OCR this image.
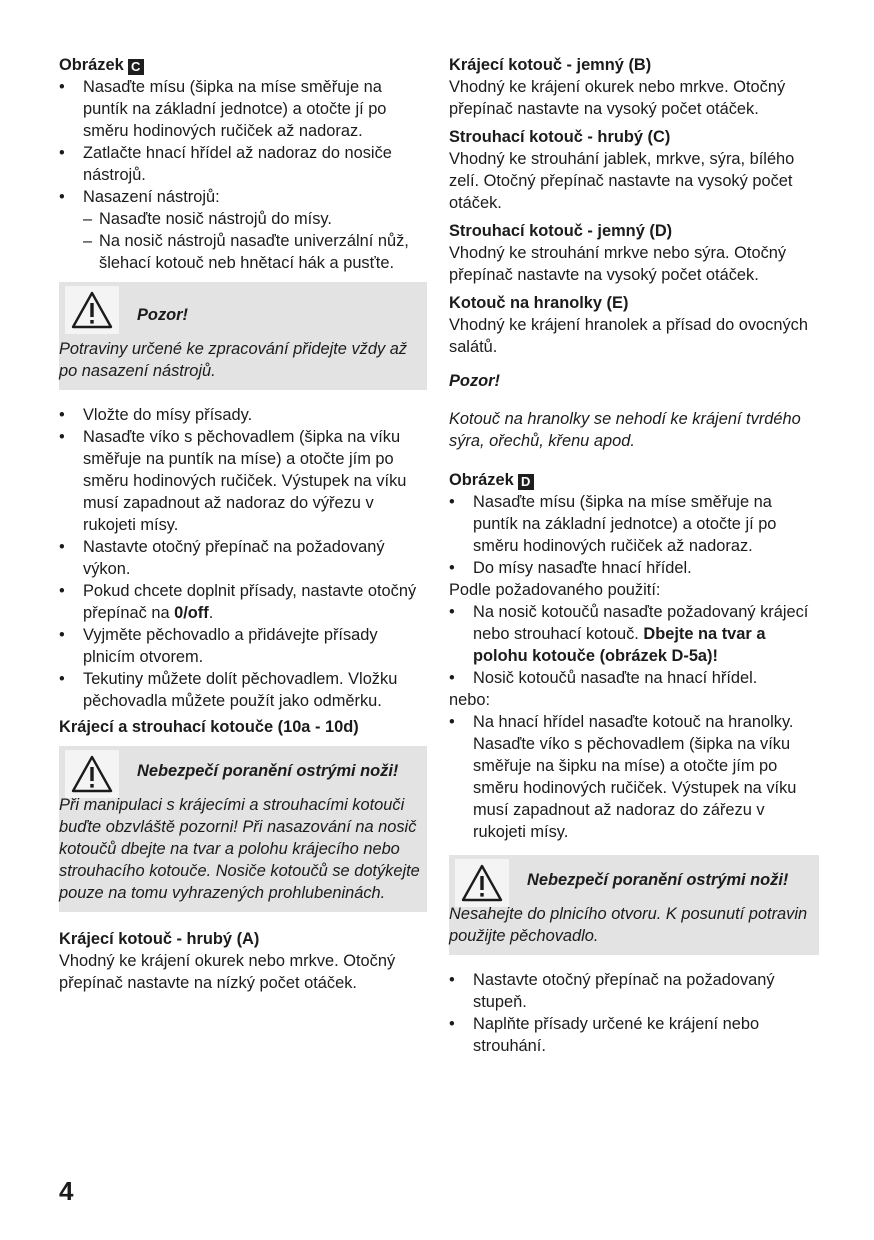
Obrázek C

• Nasaďte mísu (šipka na míse směřuje na puntík na základní jednotce) a otočte jí po směru hodinových ručiček až nadoraz.
• Zatlačte hnací hřídel až nadoraz do nosiče nástrojů.
• Nasazení nástrojů:
– Nasaďte nosič nástrojů do mísy.
– Na nosič nástrojů nasaďte univerzální nůž, šlehací kotouč neb hnětací hák a pusťte.
Pozor!

Potraviny určené ke zpracování přidejte vždy až po nasazení nástrojů.

• Vložte do mísy přísady.
• Nasaďte víko s pěchovadlem (šipka na víku směřuje na puntík na míse) a otočte jím po směru hodinových ručiček. Výstupek na víku musí zapadnout až nadoraz do výřezu v rukojeti mísy.
• Nastavte otočný přepínač na požadovaný výkon.
• Pokud chcete doplnit přísady, nastavte otočný přepínač na 0/off.
• Vyjměte pěchovadlo a přidávejte přísady plnicím otvorem.
• Tekutiny můžete dolít pěchovadlem. Vložku pěchovadla můžete použít jako odměrku.

Krájecí a strouhací kotouče (10a - 10d)

Nebezpečí poranění ostrými noži!

Při manipulaci s krájecími a strouhacími kotouči buďte obzvláště pozorni! Při nasazování na nosič kotoučů dbejte na tvar a polohu krájecího nebo strouhacího kotouče. Nosiče kotoučů se dotýkejte pouze na tomu vyhrazených prohlubeninách.

Krájecí kotouč - hrubý (A)

Vhodný ke krájení okurek nebo mrkve. Otočný přepínač nastavte na nízký počet otáček.

Krájecí kotouč - jemný (B)

Vhodný ke krájení okurek nebo mrkve. Otočný přepínač nastavte na vysoký počet otáček.

Strouhací kotouč - hrubý (C)

Vhodný ke strouhání jablek, mrkve, sýra, bílého zelí. Otočný přepínač nastavte na vysoký počet otáček.

Strouhací kotouč - jemný (D)

Vhodný ke strouhání mrkve nebo sýra. Otočný přepínač nastavte na vysoký počet otáček.

Kotouč na hranolky (E)

Vhodný ke krájení hranolek a přísad do ovocných salátů.

Pozor!

Kotouč na hranolky se nehodí ke krájení tvrdého sýra, ořechů, křenu apod.

Obrázek D

• Nasaďte mísu (šipka na míse směřuje na puntík na základní jednotce) a otočte jí po směru hodinových ručiček až nadoraz.
• Do mísy nasaďte hnací hřídel.

Podle požadovaného použití:

• Na nosič kotoučů nasaďte požadovaný krájecí nebo strouhací kotouč. Dbejte na tvar a polohu kotouče (obrázek D-5a)!
• Nosič kotoučů nasaďte na hnací hřídel.

nebo:

• Na hnací hřídel nasaďte kotouč na hranolky.

Nasaďte víko s pěchovadlem (šipka na víku směřuje na šipku na míse) a otočte jím po směru hodinových ručiček. Výstupek na víku musí zapadnout až nadoraz do zářezu v rukojeti mísy.

Nebezpečí poranění ostrými noži!

Nesahejte do plnicího otvoru. K posunutí potravin použijte pěchovadlo.

• Nastavte otočný přepínač na požadovaný stupeň.
• Naplňte přísady určené ke krájení nebo strouhání.
4
